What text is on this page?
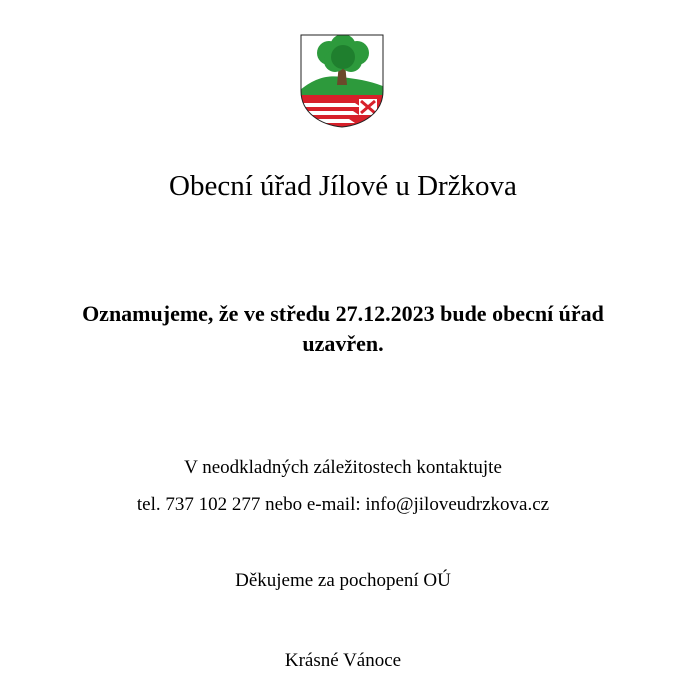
Obecní úřad Jílové u Držkova
Oznamujeme, že ve středu 27.12.2023 bude obecní úřad uzavřen.
V neodkladných záležitostech kontaktujte
tel. 737 102 277 nebo e-mail: info@jiloveudrzkova.cz
Děkujeme za pochopení OÚ
Krásné Vánoce
